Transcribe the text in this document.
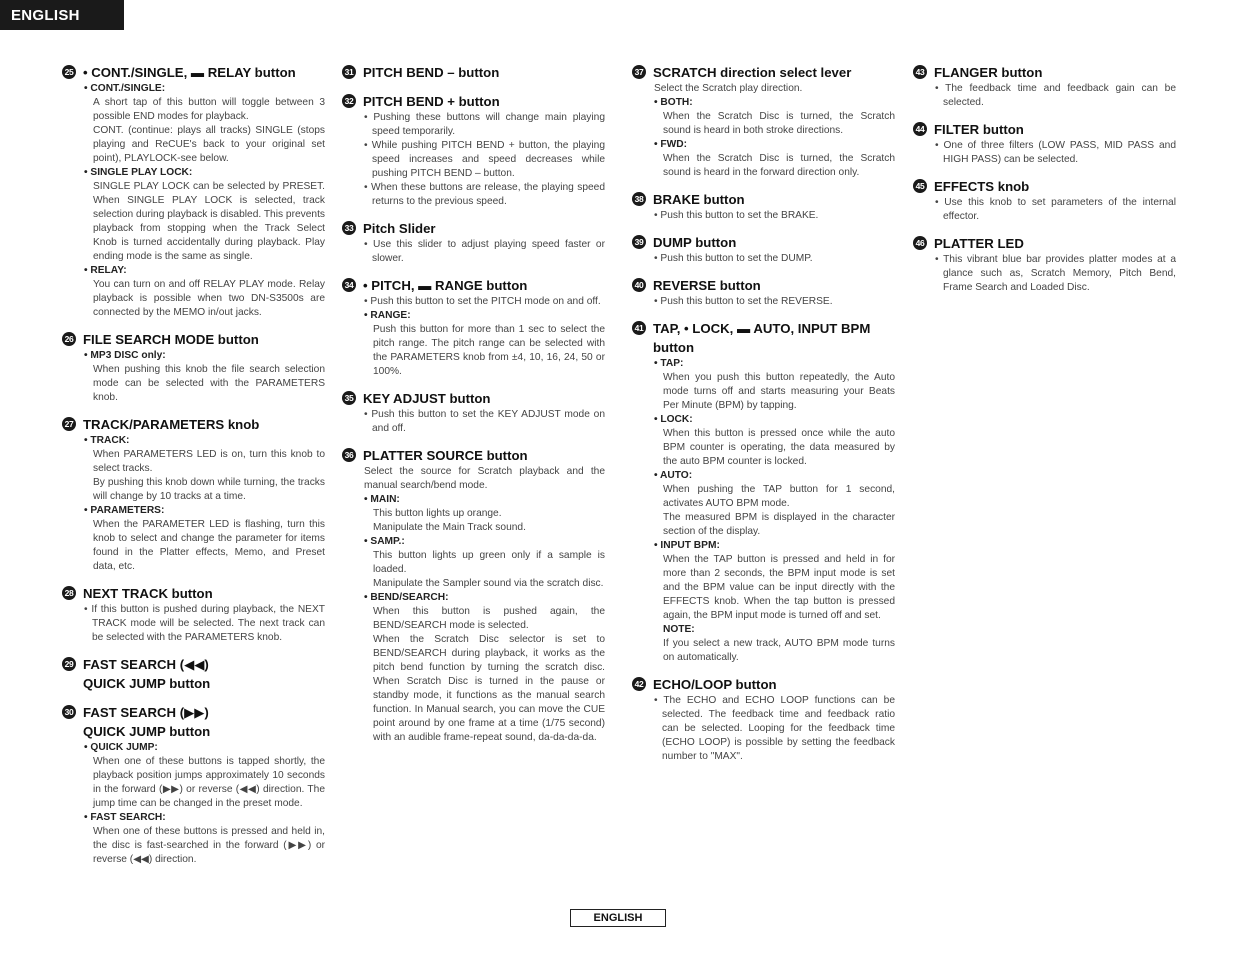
ENGLISH
25 • CONT./SINGLE, ▬ RELAY button
• CONT./SINGLE:
A short tap of this button will toggle between 3 possible END modes for playback.
CONT. (continue: plays all tracks) SINGLE (stops playing and ReCUE's back to your original set point), PLAYLOCK-see below.
• SINGLE PLAY LOCK:
SINGLE PLAY LOCK can be selected by PRESET. When SINGLE PLAY LOCK is selected, track selection during playback is disabled. This prevents playback from stopping when the Track Select Knob is turned accidentally during playback. Play ending mode is the same as single.
• RELAY:
You can turn on and off RELAY PLAY mode. Relay playback is possible when two DN-S3500s are connected by the MEMO in/out jacks.
26 FILE SEARCH MODE button
• MP3 DISC only:
When pushing this knob the file search selection mode can be selected with the PARAMETERS knob.
27 TRACK/PARAMETERS knob
• TRACK:
When PARAMETERS LED is on, turn this knob to select tracks.
By pushing this knob down while turning, the tracks will change by 10 tracks at a time.
• PARAMETERS:
When the PARAMETER LED is flashing, turn this knob to select and change the parameter for items found in the Platter effects, Memo, and Preset data, etc.
28 NEXT TRACK button
• If this button is pushed during playback, the NEXT TRACK mode will be selected. The next track can be selected with the PARAMETERS knob.
29 FAST SEARCH (◀◀)
QUICK JUMP button
30 FAST SEARCH (▶▶)
QUICK JUMP button
• QUICK JUMP:
When one of these buttons is tapped shortly, the playback position jumps approximately 10 seconds in the forward (▶▶) or reverse (◀◀) direction. The jump time can be changed in the preset mode.
• FAST SEARCH:
When one of these buttons is pressed and held in, the disc is fast-searched in the forward (▶▶) or reverse (◀◀) direction.
31 PITCH BEND – button
32 PITCH BEND + button
• Pushing these buttons will change main playing speed temporarily.
• While pushing PITCH BEND + button, the playing speed increases and speed decreases while pushing PITCH BEND – button.
• When these buttons are release, the playing speed returns to the previous speed.
33 Pitch Slider
• Use this slider to adjust playing speed faster or slower.
34 • PITCH, ▬ RANGE button
• Push this button to set the PITCH mode on and off.
• RANGE:
Push this button for more than 1 sec to select the pitch range. The pitch range can be selected with the PARAMETERS knob from ±4, 10, 16, 24, 50 or 100%.
35 KEY ADJUST button
• Push this button to set the KEY ADJUST mode on and off.
36 PLATTER SOURCE button
Select the source for Scratch playback and the manual search/bend mode.
• MAIN:
This button lights up orange.
Manipulate the Main Track sound.
• SAMP.:
This button lights up green only if a sample is loaded.
Manipulate the Sampler sound via the scratch disc.
• BEND/SEARCH:
When this button is pushed again, the BEND/SEARCH mode is selected.
When the Scratch Disc selector is set to BEND/SEARCH during playback, it works as the pitch bend function by turning the scratch disc. When Scratch Disc is turned in the pause or standby mode, it functions as the manual search function. In Manual search, you can move the CUE point around by one frame at a time (1/75 second) with an audible frame-repeat sound, da-da-da-da.
37 SCRATCH direction select lever
Select the Scratch play direction.
• BOTH:
When the Scratch Disc is turned, the Scratch sound is heard in both stroke directions.
• FWD:
When the Scratch Disc is turned, the Scratch sound is heard in the forward direction only.
38 BRAKE button
• Push this button to set the BRAKE.
39 DUMP button
• Push this button to set the DUMP.
40 REVERSE button
• Push this button to set the REVERSE.
41 TAP, • LOCK, ▬ AUTO, INPUT BPM button
• TAP:
When you push this button repeatedly, the Auto mode turns off and starts measuring your Beats Per Minute (BPM) by tapping.
• LOCK:
When this button is pressed once while the auto BPM counter is operating, the data measured by the auto BPM counter is locked.
• AUTO:
When pushing the TAP button for 1 second, activates AUTO BPM mode.
The measured BPM is displayed in the character section of the display.
• INPUT BPM:
When the TAP button is pressed and held in for more than 2 seconds, the BPM input mode is set and the BPM value can be input directly with the EFFECTS knob. When the tap button is pressed again, the BPM input mode is turned off and set.
NOTE:
If you select a new track, AUTO BPM mode turns on automatically.
42 ECHO/LOOP button
• The ECHO and ECHO LOOP functions can be selected. The feedback time and feedback ratio can be selected. Looping for the feedback time (ECHO LOOP) is possible by setting the feedback number to "MAX".
43 FLANGER button
• The feedback time and feedback gain can be selected.
44 FILTER button
• One of three filters (LOW PASS, MID PASS and HIGH PASS) can be selected.
45 EFFECTS knob
• Use this knob to set parameters of the internal effector.
46 PLATTER LED
• This vibrant blue bar provides platter modes at a glance such as, Scratch Memory, Pitch Bend, Frame Search and Loaded Disc.
ENGLISH
